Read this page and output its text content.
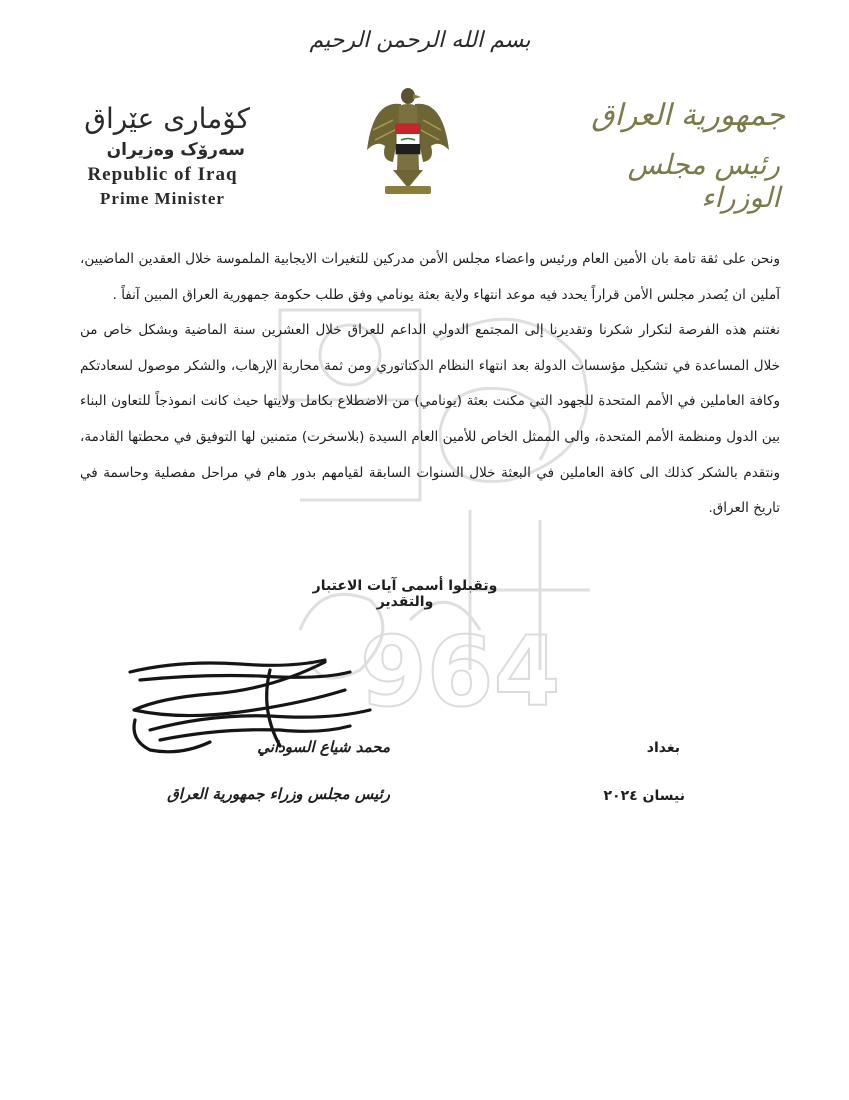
964
بسم الله الرحمن الرحيم
کۆماری عێراق
سەرۆک وەزیران
Republic of Iraq
Prime Minister
جمهورية العراق
رئيس مجلس الوزراء

ونحن على ثقة تامة بان الأمين العام ورئيس واعضاء مجلس الأمن مدركين للتغيرات الايجابية الملموسة خلال العقدين الماضيين، آملين ان يُصدر مجلس الأمن قراراً يحدد فيه موعد انتهاء ولاية بعثة يونامي وفق طلب حكومة جمهورية العراق المبين آنفاً .

نغتنم هذه الفرصة لتكرار شكرنا وتقديرنا إلى المجتمع الدولي الداعم للعراق خلال العشرين سنة الماضية وبشكل خاص من خلال المساعدة في تشكيل مؤسسات الدولة بعد انتهاء النظام الدكتاتوري ومن ثمة محاربة الإرهاب، والشكر موصول لسعادتكم وكافة العاملين في الأمم المتحدة للجهود التي مكنت بعثة (يونامي) من الاضطلاع بكامل ولايتها حيث كانت انموذجاً للتعاون البناء بين الدول ومنظمة الأمم المتحدة، والى الممثل الخاص للأمين العام السيدة (بلاسخرت) متمنين لها التوفيق في محطتها القادمة، ونتقدم بالشكر كذلك الى كافة العاملين في البعثة خلال السنوات السابقة لقيامهم بدور هام في مراحل مفصلية وحاسمة في تاريخ العراق.

وتقبلوا أسمى آيات الاعتبار والتقدير
محمد شياع السوداني
رئيس مجلس وزراء جمهورية العراق
بغداد
نيسان ٢٠٢٤
